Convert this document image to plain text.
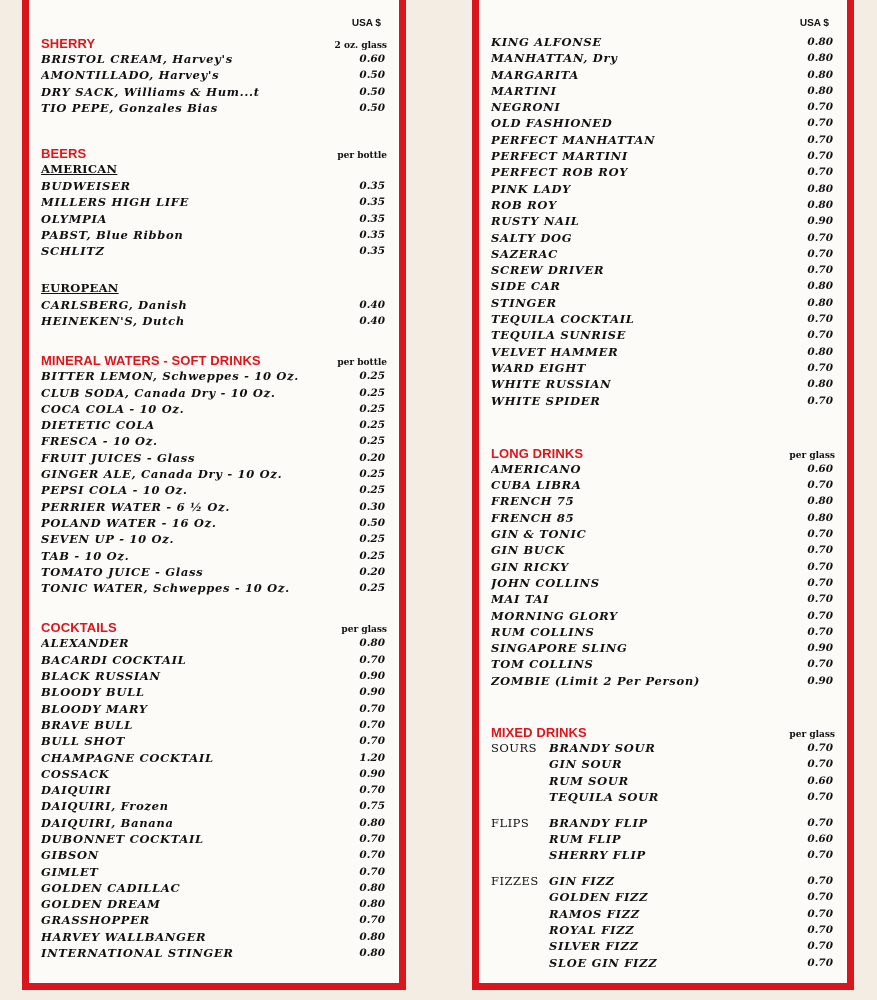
USA $
SHERRY	2 oz. glass
BRISTOL CREAM, Harvey's	0.60
AMONTILLADO, Harvey's	0.50
DRY SACK, Williams & Hum...t	0.50
TIO PEPE, Gonzales Bias	0.50
BEERS	per bottle
AMERICAN
BUDWEISER	0.35
MILLERS HIGH LIFE	0.35
OLYMPIA	0.35
PABST, Blue Ribbon	0.35
SCHLITZ	0.35
EUROPEAN
CARLSBERG, Danish	0.40
HEINEKEN'S, Dutch	0.40
MINERAL WATERS - SOFT DRINKS	per bottle
BITTER LEMON, Schweppes - 10 Oz.	0.25
CLUB SODA, Canada Dry - 10 Oz.	0.25
COCA COLA - 10 Oz.	0.25
DIETETIC COLA	0.25
FRESCA - 10 Oz.	0.25
FRUIT JUICES - Glass	0.20
GINGER ALE, Canada Dry - 10 Oz.	0.25
PEPSI COLA - 10 Oz.	0.25
PERRIER WATER - 6 ½ Oz.	0.30
POLAND WATER - 16 Oz.	0.50
SEVEN UP - 10 Oz.	0.25
TAB - 10 Oz.	0.25
TOMATO JUICE - Glass	0.20
TONIC WATER, Schweppes - 10 Oz.	0.25
COCKTAILS	per glass
ALEXANDER	0.80
BACARDI COCKTAIL	0.70
BLACK RUSSIAN	0.90
BLOODY BULL	0.90
BLOODY MARY	0.70
BRAVE BULL	0.70
BULL SHOT	0.70
CHAMPAGNE COCKTAIL	1.20
COSSACK	0.90
DAIQUIRI	0.70
DAIQUIRI, Frozen	0.75
DAIQUIRI, Banana	0.80
DUBONNET COCKTAIL	0.70
GIBSON	0.70
GIMLET	0.70
GOLDEN CADILLAC	0.80
GOLDEN DREAM	0.80
GRASSHOPPER	0.70
HARVEY WALLBANGER	0.80
INTERNATIONAL STINGER	0.80
USA $
KING ALFONSE	0.80
MANHATTAN, Dry	0.80
MARGARITA	0.80
MARTINI	0.80
NEGRONI	0.70
OLD FASHIONED	0.70
PERFECT MANHATTAN	0.70
PERFECT MARTINI	0.70
PERFECT ROB ROY	0.70
PINK LADY	0.80
ROB ROY	0.80
RUSTY NAIL	0.90
SALTY DOG	0.70
SAZERAC	0.70
SCREW DRIVER	0.70
SIDE CAR	0.80
STINGER	0.80
TEQUILA COCKTAIL	0.70
TEQUILA SUNRISE	0.70
VELVET HAMMER	0.80
WARD EIGHT	0.70
WHITE RUSSIAN	0.80
WHITE SPIDER	0.70
LONG DRINKS	per glass
AMERICANO	0.60
CUBA LIBRA	0.70
FRENCH 75	0.80
FRENCH 85	0.80
GIN & TONIC	0.70
GIN BUCK	0.70
GIN RICKY	0.70
JOHN COLLINS	0.70
MAI TAI	0.70
MORNING GLORY	0.70
RUM COLLINS	0.70
SINGAPORE SLING	0.90
TOM COLLINS	0.70
ZOMBIE (Limit 2 Per Person)	0.90
MIXED DRINKS	per glass
SOURS	BRANDY SOUR	0.70
GIN SOUR	0.70
RUM SOUR	0.60
TEQUILA SOUR	0.70
FLIPS	BRANDY FLIP	0.70
RUM FLIP	0.60
SHERRY FLIP	0.70
FIZZES GIN FIZZ	0.70
GOLDEN FIZZ	0.70
RAMOS FIZZ	0.70
ROYAL FIZZ	0.70
SILVER FIZZ	0.70
SLOE GIN FIZZ	0.70
